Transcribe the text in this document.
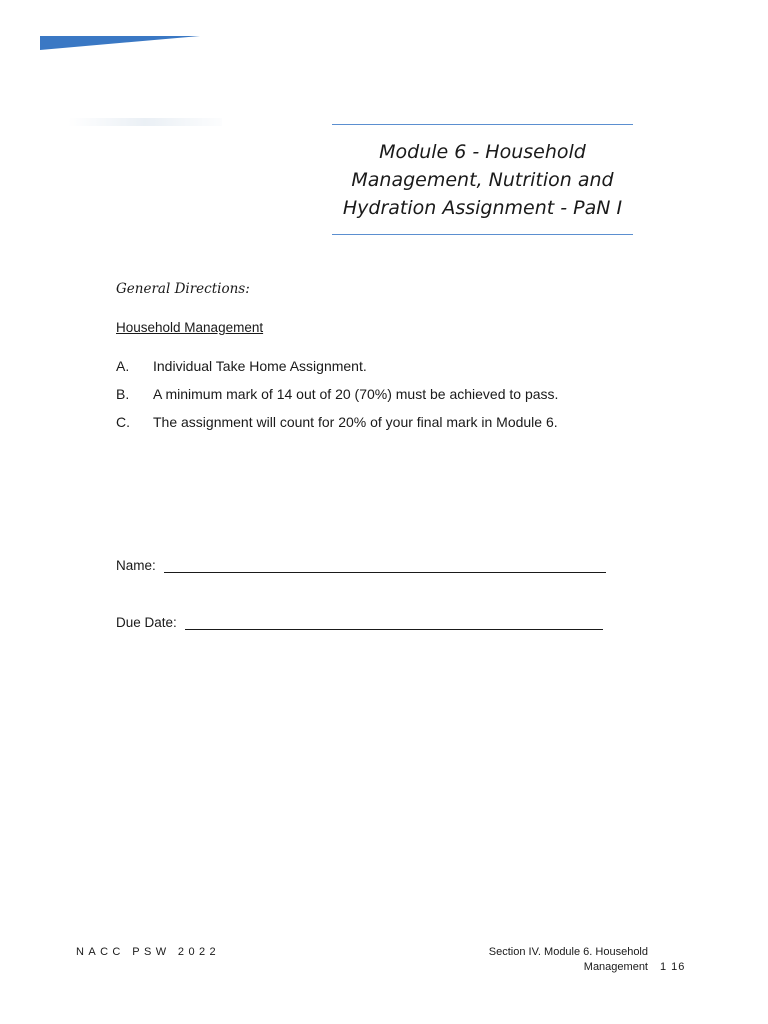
Module 6 - Household
Management, Nutrition and
Hydration Assignment - PaN I

General Directions:

Household Management

A.	Individual Take Home Assignment.
B.	A minimum mark of 14 out of 20 (70%) must be achieved to pass.
C.	The assignment will count for 20% of your final mark in Module 6.
Name:
Due Date:
NACC PSW 2022	Section IV. Module 6. Household
Management 1 16
